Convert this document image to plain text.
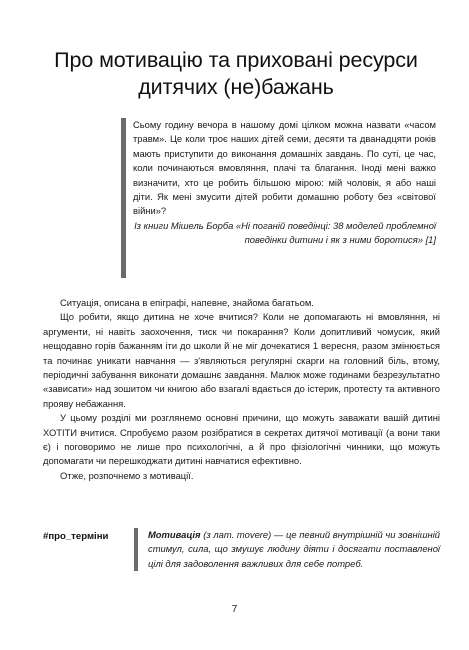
Про мотивацію та приховані ресурси дитячих (не)бажань

Cьому годину вечора в нашому домі цілком можна назвати «часом травм». Це коли троє наших дітей семи, десяти та дванадцяти років мають приступити до виконання домашніх завдань. По суті, це час, коли починаються вмовляння, плачі та благання. Іноді мені важко визначити, хто це робить більшою мірою: мій чоловік, я або наші діти. Як мені змусити дітей робити домашню роботу без «світової війни»?

Із книги Мішель Борба «Ні поганій поведінці: 38 моделей проблемної поведінки дитини і як з ними боротися» [1]

Ситуація, описана в епіграфі, напевне, знайома багатьом.

Що робити, якщо дитина не хоче вчитися? Коли не допомагають ні вмовляння, ні аргументи, ні навіть заохочення, тиск чи покарання? Коли допитливий чомусик, який нещодавно горів бажанням іти до школи й не міг дочекатися 1 вересня, разом змінюється та починає уникати навчання — з'являються регулярні скарги на головний біль, втому, періодичні забування виконати домашнє завдання. Малюк може годинами безрезультатно «зависати» над зошитом чи книгою або взагалі вдається до істерик, протесту та активного прояву небажання.

У цьому розділі ми розглянемо основні причини, що можуть заважати вашій дитині ХОТІТИ вчитися. Спробуємо разом розібратися в секретах дитячої мотивації (а вони таки є) і поговоримо не лише про психологічні, а й про фізіологічні чинники, що можуть допомагати чи перешкоджати дитині навчатися ефективно.

Отже, розпочнемо з мотивації.

#про_терміни	Мотивація (з лат. movere) — це певний внутрішній чи зовнішній стимул, сила, що змушує людину діяти і досягати поставленої цілі для задоволення важливих для себе потреб.

7
